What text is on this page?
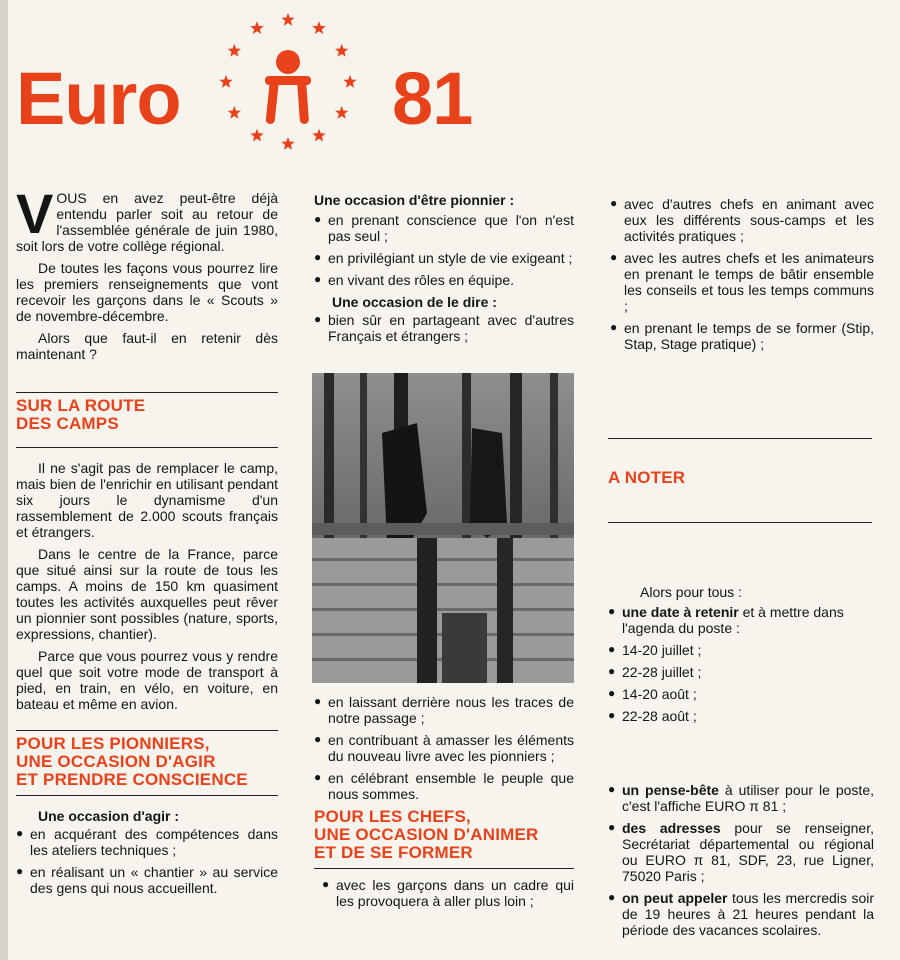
Euro	81
VOUS en avez peut-être déjà entendu parler soit au retour de l'assemblée générale de juin 1980, soit lors de votre collège régional.

De toutes les façons vous pourrez lire les premiers renseignements que vont recevoir les garçons dans le « Scouts » de novembre-décembre.

Alors que faut-il en retenir dès maintenant ?

SUR LA ROUTE
DES CAMPS

Il ne s'agit pas de remplacer le camp, mais bien de l'enrichir en utilisant pendant six jours le dynamisme d'un rassemblement de 2.000 scouts français et étrangers.

Dans le centre de la France, parce que situé ainsi sur la route de tous les camps. A moins de 150 km quasiment toutes les activités auxquelles peut rêver un pionnier sont possibles (nature, sports, expressions, chantier).

Parce que vous pourrez vous y rendre quel que soit votre mode de transport à pied, en train, en vélo, en voiture, en bateau et même en avion.

POUR LES PIONNIERS,
UNE OCCASION D'AGIR
ET PRENDRE CONSCIENCE

Une occasion d'agir :

● en acquérant des compétences dans les ateliers techniques ;
● en réalisant un « chantier » au service des gens qui nous accueillent.

Une occasion d'être pionnier :

● en prenant conscience que l'on n'est pas seul ;
● en privilégiant un style de vie exigeant ;
● en vivant des rôles en équipe.

Une occasion de le dire :

● bien sûr en partageant avec d'autres Français et étrangers ;
● en laissant derrière nous les traces de notre passage ;
● en contribuant à amasser les éléments du nouveau livre avec les pionniers ;
● en célébrant ensemble le peuple que nous sommes.
POUR LES CHEFS,
UNE OCCASION D'ANIMER
ET DE SE FORMER
● avec les garçons dans un cadre qui les provoquera à aller plus loin ;
● avec d'autres chefs en animant avec eux les différents sous-camps et les activités pratiques ;
● avec les autres chefs et les animateurs en prenant le temps de bâtir ensemble les conseils et tous les temps communs ;
● en prenant le temps de se former (Stip, Stap, Stage pratique) ;
A NOTER

Alors pour tous :

● une date à retenir et à mettre dans l'agenda du poste :
● 14-20 juillet ;
● 22-28 juillet ;
● 14-20 août ;
● 22-28 août ;
● un pense-bête à utiliser pour le poste, c'est l'affiche EURO π 81 ;
● des adresses pour se renseigner, Secrétariat départemental ou régional ou EURO π 81, SDF, 23, rue Ligner, 75020 Paris ;
● on peut appeler tous les mercredis soir de 19 heures à 21 heures pendant la période des vacances scolaires.
